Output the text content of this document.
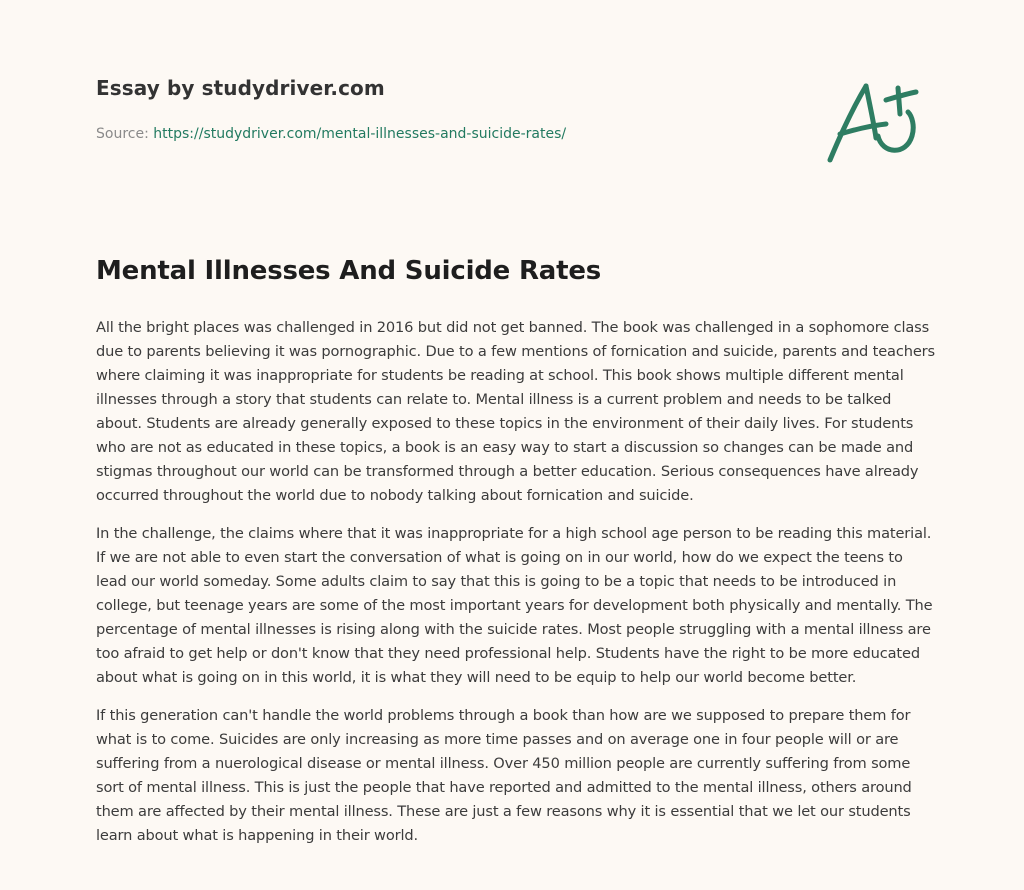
Essay by studydriver.com
Source: https://studydriver.com/mental-illnesses-and-suicide-rates/
Mental Illnesses And Suicide Rates

All the bright places was challenged in 2016 but did not get banned. The book was challenged in a sophomore class due to parents believing it was pornographic. Due to a few mentions of fornication and suicide, parents and teachers where claiming it was inappropriate for students be reading at school. This book shows multiple different mental illnesses through a story that students can relate to. Mental illness is a current problem and needs to be talked about. Students are already generally exposed to these topics in the environment of their daily lives. For students who are not as educated in these topics, a book is an easy way to start a discussion so changes can be made and stigmas throughout our world can be transformed through a better education. Serious consequences have already occurred throughout the world due to nobody talking about fornication and suicide.

In the challenge, the claims where that it was inappropriate for a high school age person to be reading this material. If we are not able to even start the conversation of what is going on in our world, how do we expect the teens to lead our world someday. Some adults claim to say that this is going to be a topic that needs to be introduced in college, but teenage years are some of the most important years for development both physically and mentally. The percentage of mental illnesses is rising along with the suicide rates. Most people struggling with a mental illness are too afraid to get help or don't know that they need professional help. Students have the right to be more educated about what is going on in this world, it is what they will need to be equip to help our world become better.

If this generation can't handle the world problems through a book than how are we supposed to prepare them for what is to come. Suicides are only increasing as more time passes and on average one in four people will or are suffering from a nuerological disease or mental illness. Over 450 million people are currently suffering from some sort of mental illness. This is just the people that have reported and admitted to the mental illness, others around them are affected by their mental illness. These are just a few reasons why it is essential that we let our students learn about what is happening in their world.
